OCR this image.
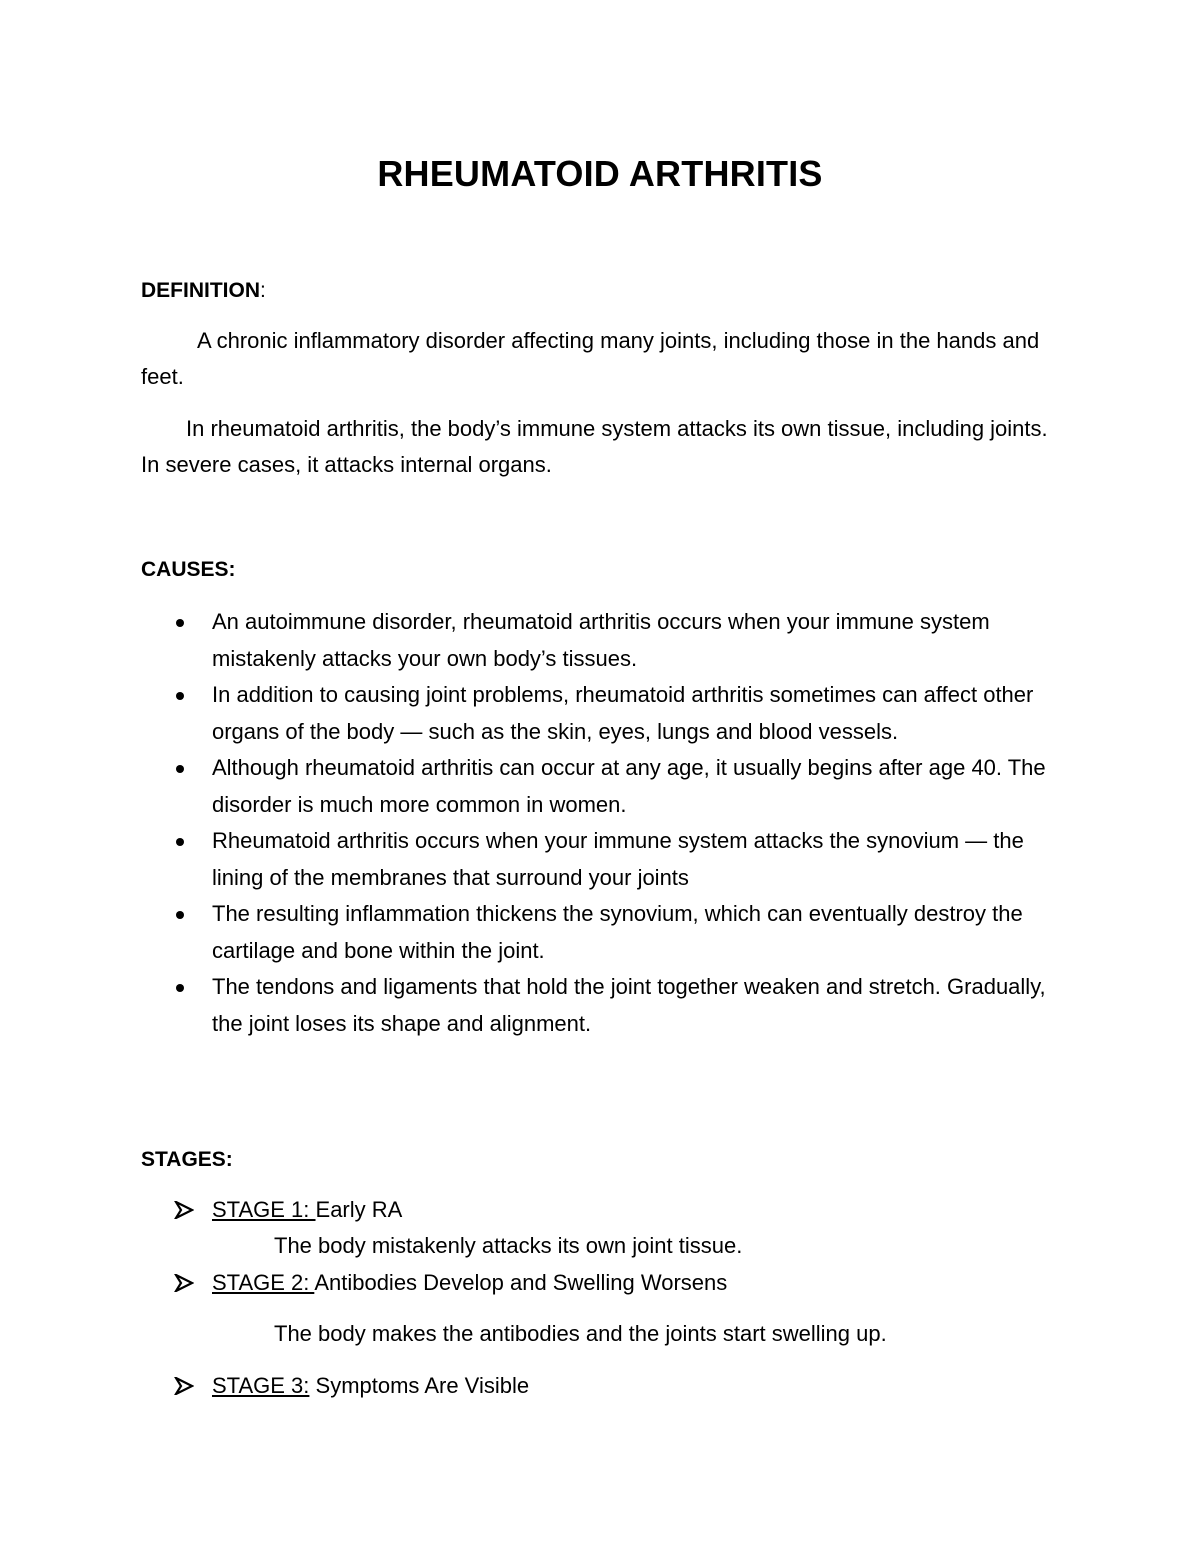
RHEUMATOID ARTHRITIS
DEFINITION:
A chronic inflammatory disorder affecting many joints, including those in the hands and feet.
In rheumatoid arthritis, the body’s immune system attacks its own tissue, including joints. In severe cases, it attacks internal organs.
CAUSES:
An autoimmune disorder, rheumatoid arthritis occurs when your immune system mistakenly attacks your own body’s tissues.
In addition to causing joint problems, rheumatoid arthritis sometimes can affect other organs of the body — such as the skin, eyes, lungs and blood vessels.
Although rheumatoid arthritis can occur at any age, it usually begins after age 40. The disorder is much more common in women.
Rheumatoid arthritis occurs when your immune system attacks the synovium — the lining of the membranes that surround your joints
The resulting inflammation thickens the synovium, which can eventually destroy the cartilage and bone within the joint.
The tendons and ligaments that hold the joint together weaken and stretch. Gradually, the joint loses its shape and alignment.
STAGES:
STAGE 1: Early RA
The body mistakenly attacks its own joint tissue.
STAGE 2: Antibodies Develop and Swelling Worsens
The body makes the antibodies and the joints start swelling up.
STAGE 3: Symptoms Are Visible
